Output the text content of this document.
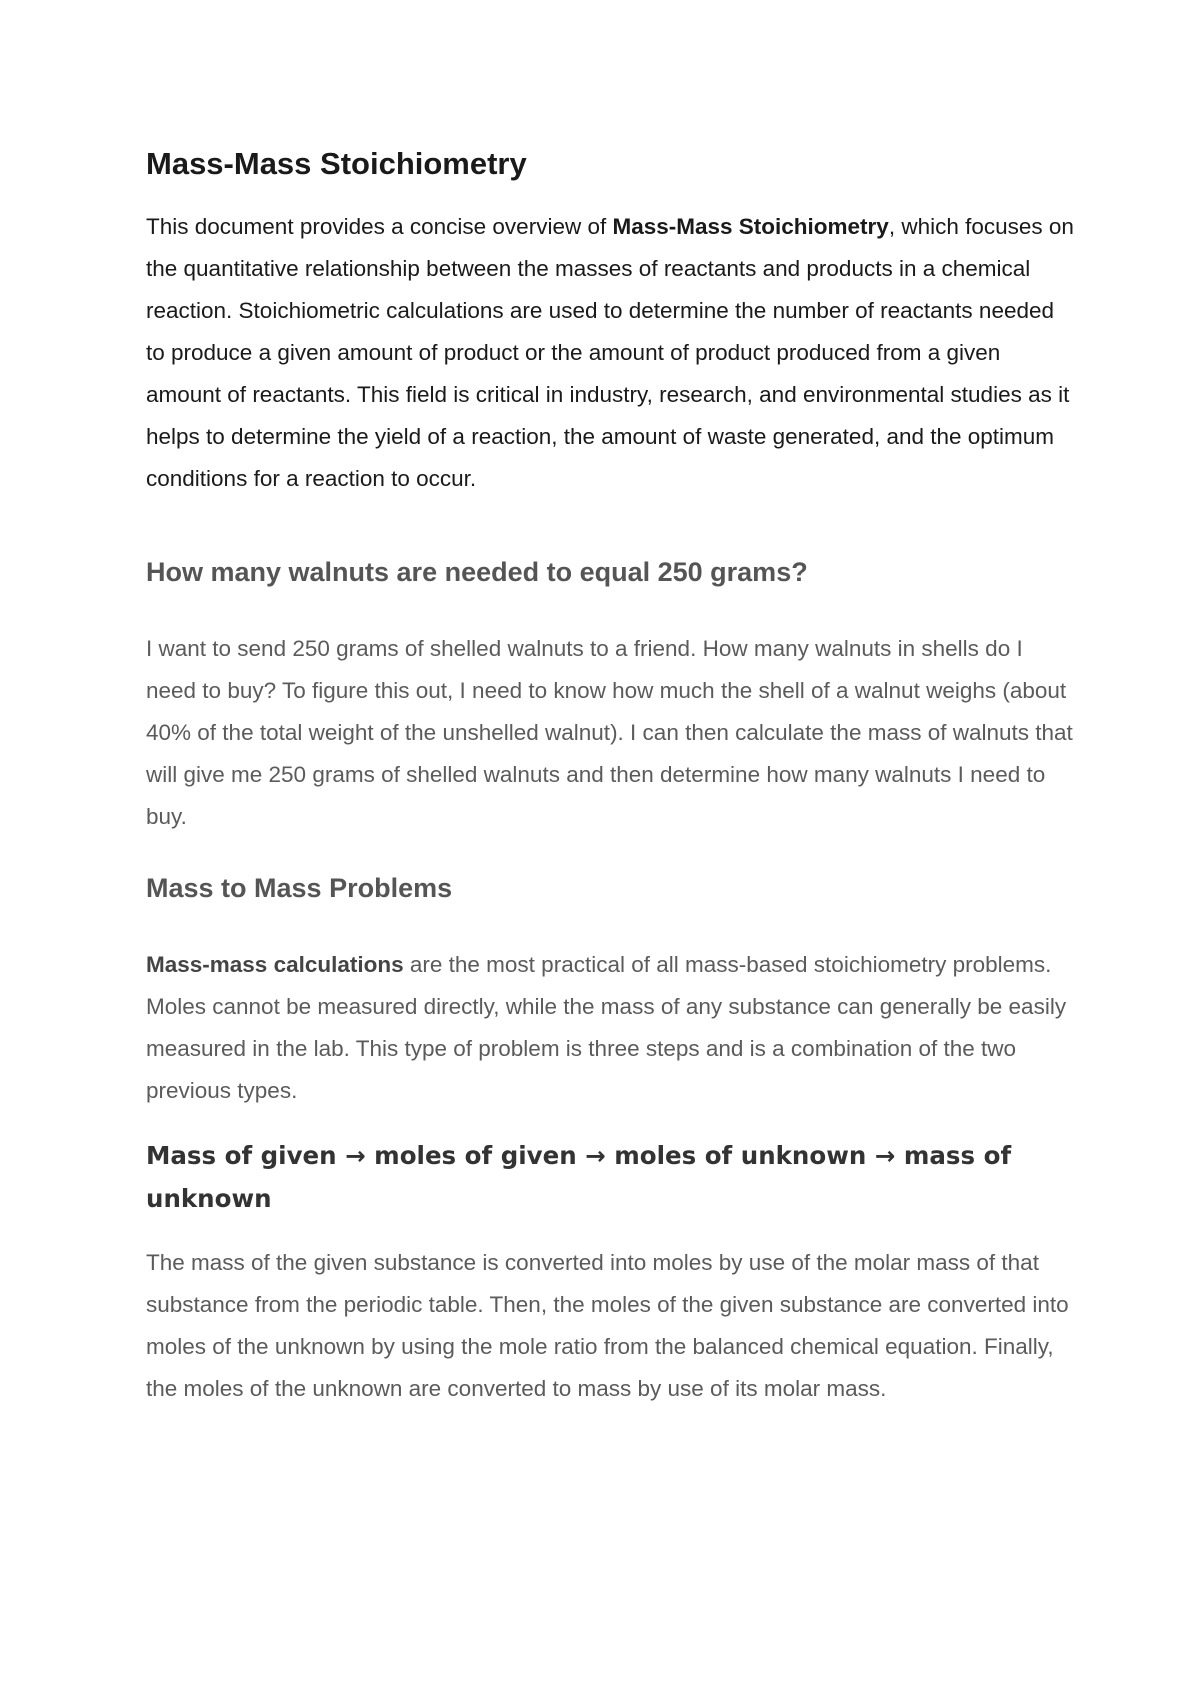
Mass-Mass Stoichiometry

This document provides a concise overview of Mass-Mass Stoichiometry, which focuses on the quantitative relationship between the masses of reactants and products in a chemical reaction. Stoichiometric calculations are used to determine the number of reactants needed to produce a given amount of product or the amount of product produced from a given amount of reactants. This field is critical in industry, research, and environmental studies as it helps to determine the yield of a reaction, the amount of waste generated, and the optimum conditions for a reaction to occur.

How many walnuts are needed to equal 250 grams?

I want to send 250 grams of shelled walnuts to a friend. How many walnuts in shells do I need to buy? To figure this out, I need to know how much the shell of a walnut weighs (about 40% of the total weight of the unshelled walnut). I can then calculate the mass of walnuts that will give me 250 grams of shelled walnuts and then determine how many walnuts I need to buy.

Mass to Mass Problems

Mass-mass calculations are the most practical of all mass-based stoichiometry problems. Moles cannot be measured directly, while the mass of any substance can generally be easily measured in the lab. This type of problem is three steps and is a combination of the two previous types.

Mass of given → moles of given → moles of unknown → mass of unknown

The mass of the given substance is converted into moles by use of the molar mass of that substance from the periodic table. Then, the moles of the given substance are converted into moles of the unknown by using the mole ratio from the balanced chemical equation. Finally, the moles of the unknown are converted to mass by use of its molar mass.
